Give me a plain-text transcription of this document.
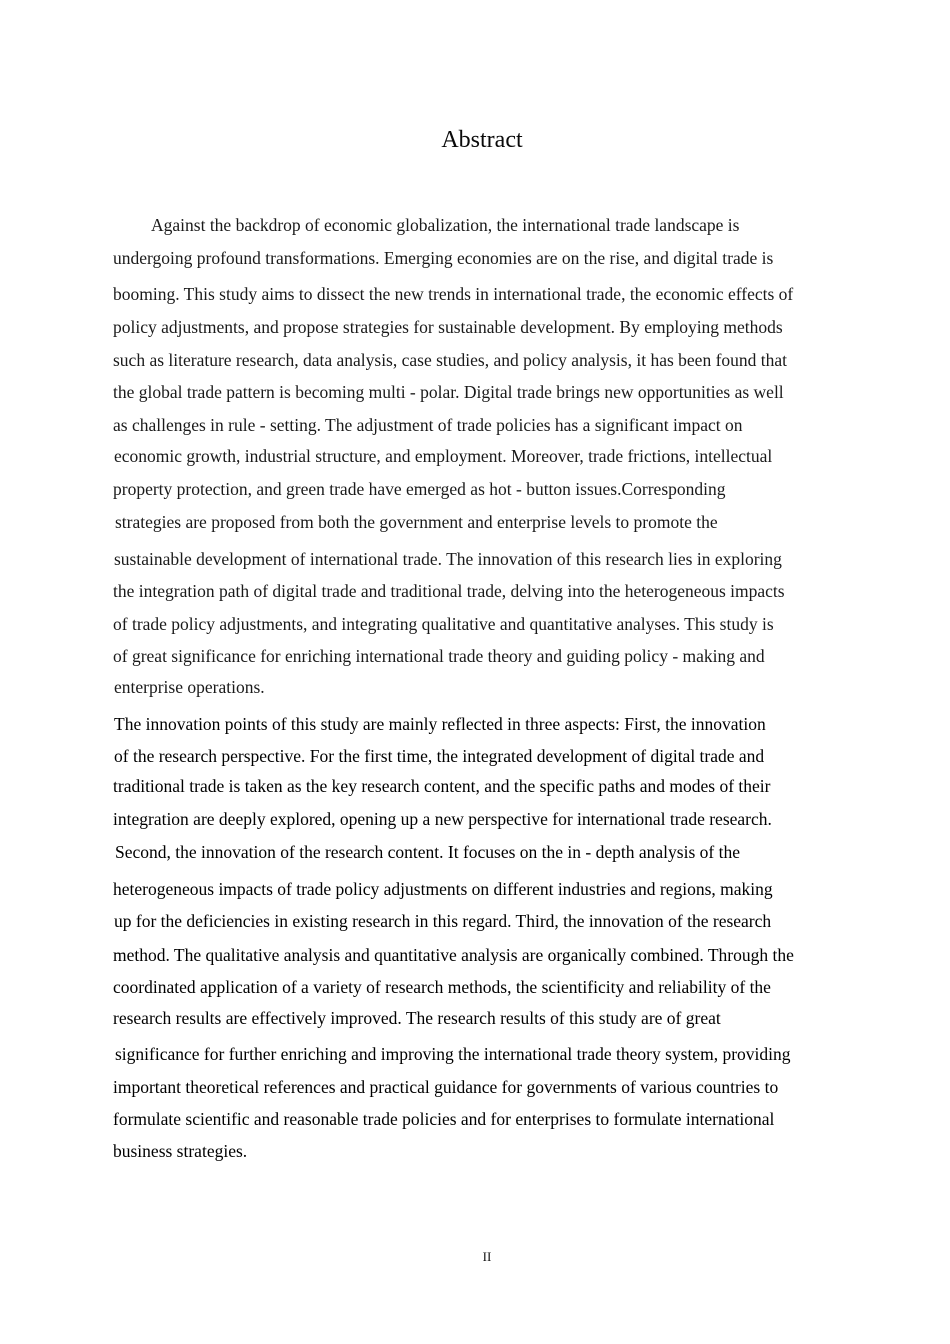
Abstract
Against the backdrop of economic globalization, the international trade landscape is
undergoing profound transformations. Emerging economies are on the rise, and digital trade is
booming. This study aims to dissect the new trends in international trade, the economic effects of
policy adjustments, and propose strategies for sustainable development. By employing methods
such as literature research, data analysis, case studies, and policy analysis, it has been found that
the global trade pattern is becoming multi - polar. Digital trade brings new opportunities as well
as challenges in rule - setting. The adjustment of trade policies has a significant impact on
economic growth, industrial structure, and employment. Moreover, trade frictions, intellectual
property protection, and green trade have emerged as hot - button issues.Corresponding
strategies are proposed from both the government and enterprise levels to promote the
sustainable development of international trade. The innovation of this research lies in exploring
the integration path of digital trade and traditional trade, delving into the heterogeneous impacts
of trade policy adjustments, and integrating qualitative and quantitative analyses. This study is
of great significance for enriching international trade theory and guiding policy - making and
enterprise operations.
The innovation points of this study are mainly reflected in three aspects: First, the innovation
of the research perspective. For the first time, the integrated development of digital trade and
traditional trade is taken as the key research content, and the specific paths and modes of their
integration are deeply explored, opening up a new perspective for international trade research.
Second, the innovation of the research content. It focuses on the in - depth analysis of the
heterogeneous impacts of trade policy adjustments on different industries and regions, making
up for the deficiencies in existing research in this regard. Third, the innovation of the research
method. The qualitative analysis and quantitative analysis are organically combined. Through the
coordinated application of a variety of research methods, the scientificity and reliability of the
research results are effectively improved. The research results of this study are of great
significance for further enriching and improving the international trade theory system, providing
important theoretical references and practical guidance for governments of various countries to
formulate scientific and reasonable trade policies and for enterprises to formulate international
business strategies.
II
